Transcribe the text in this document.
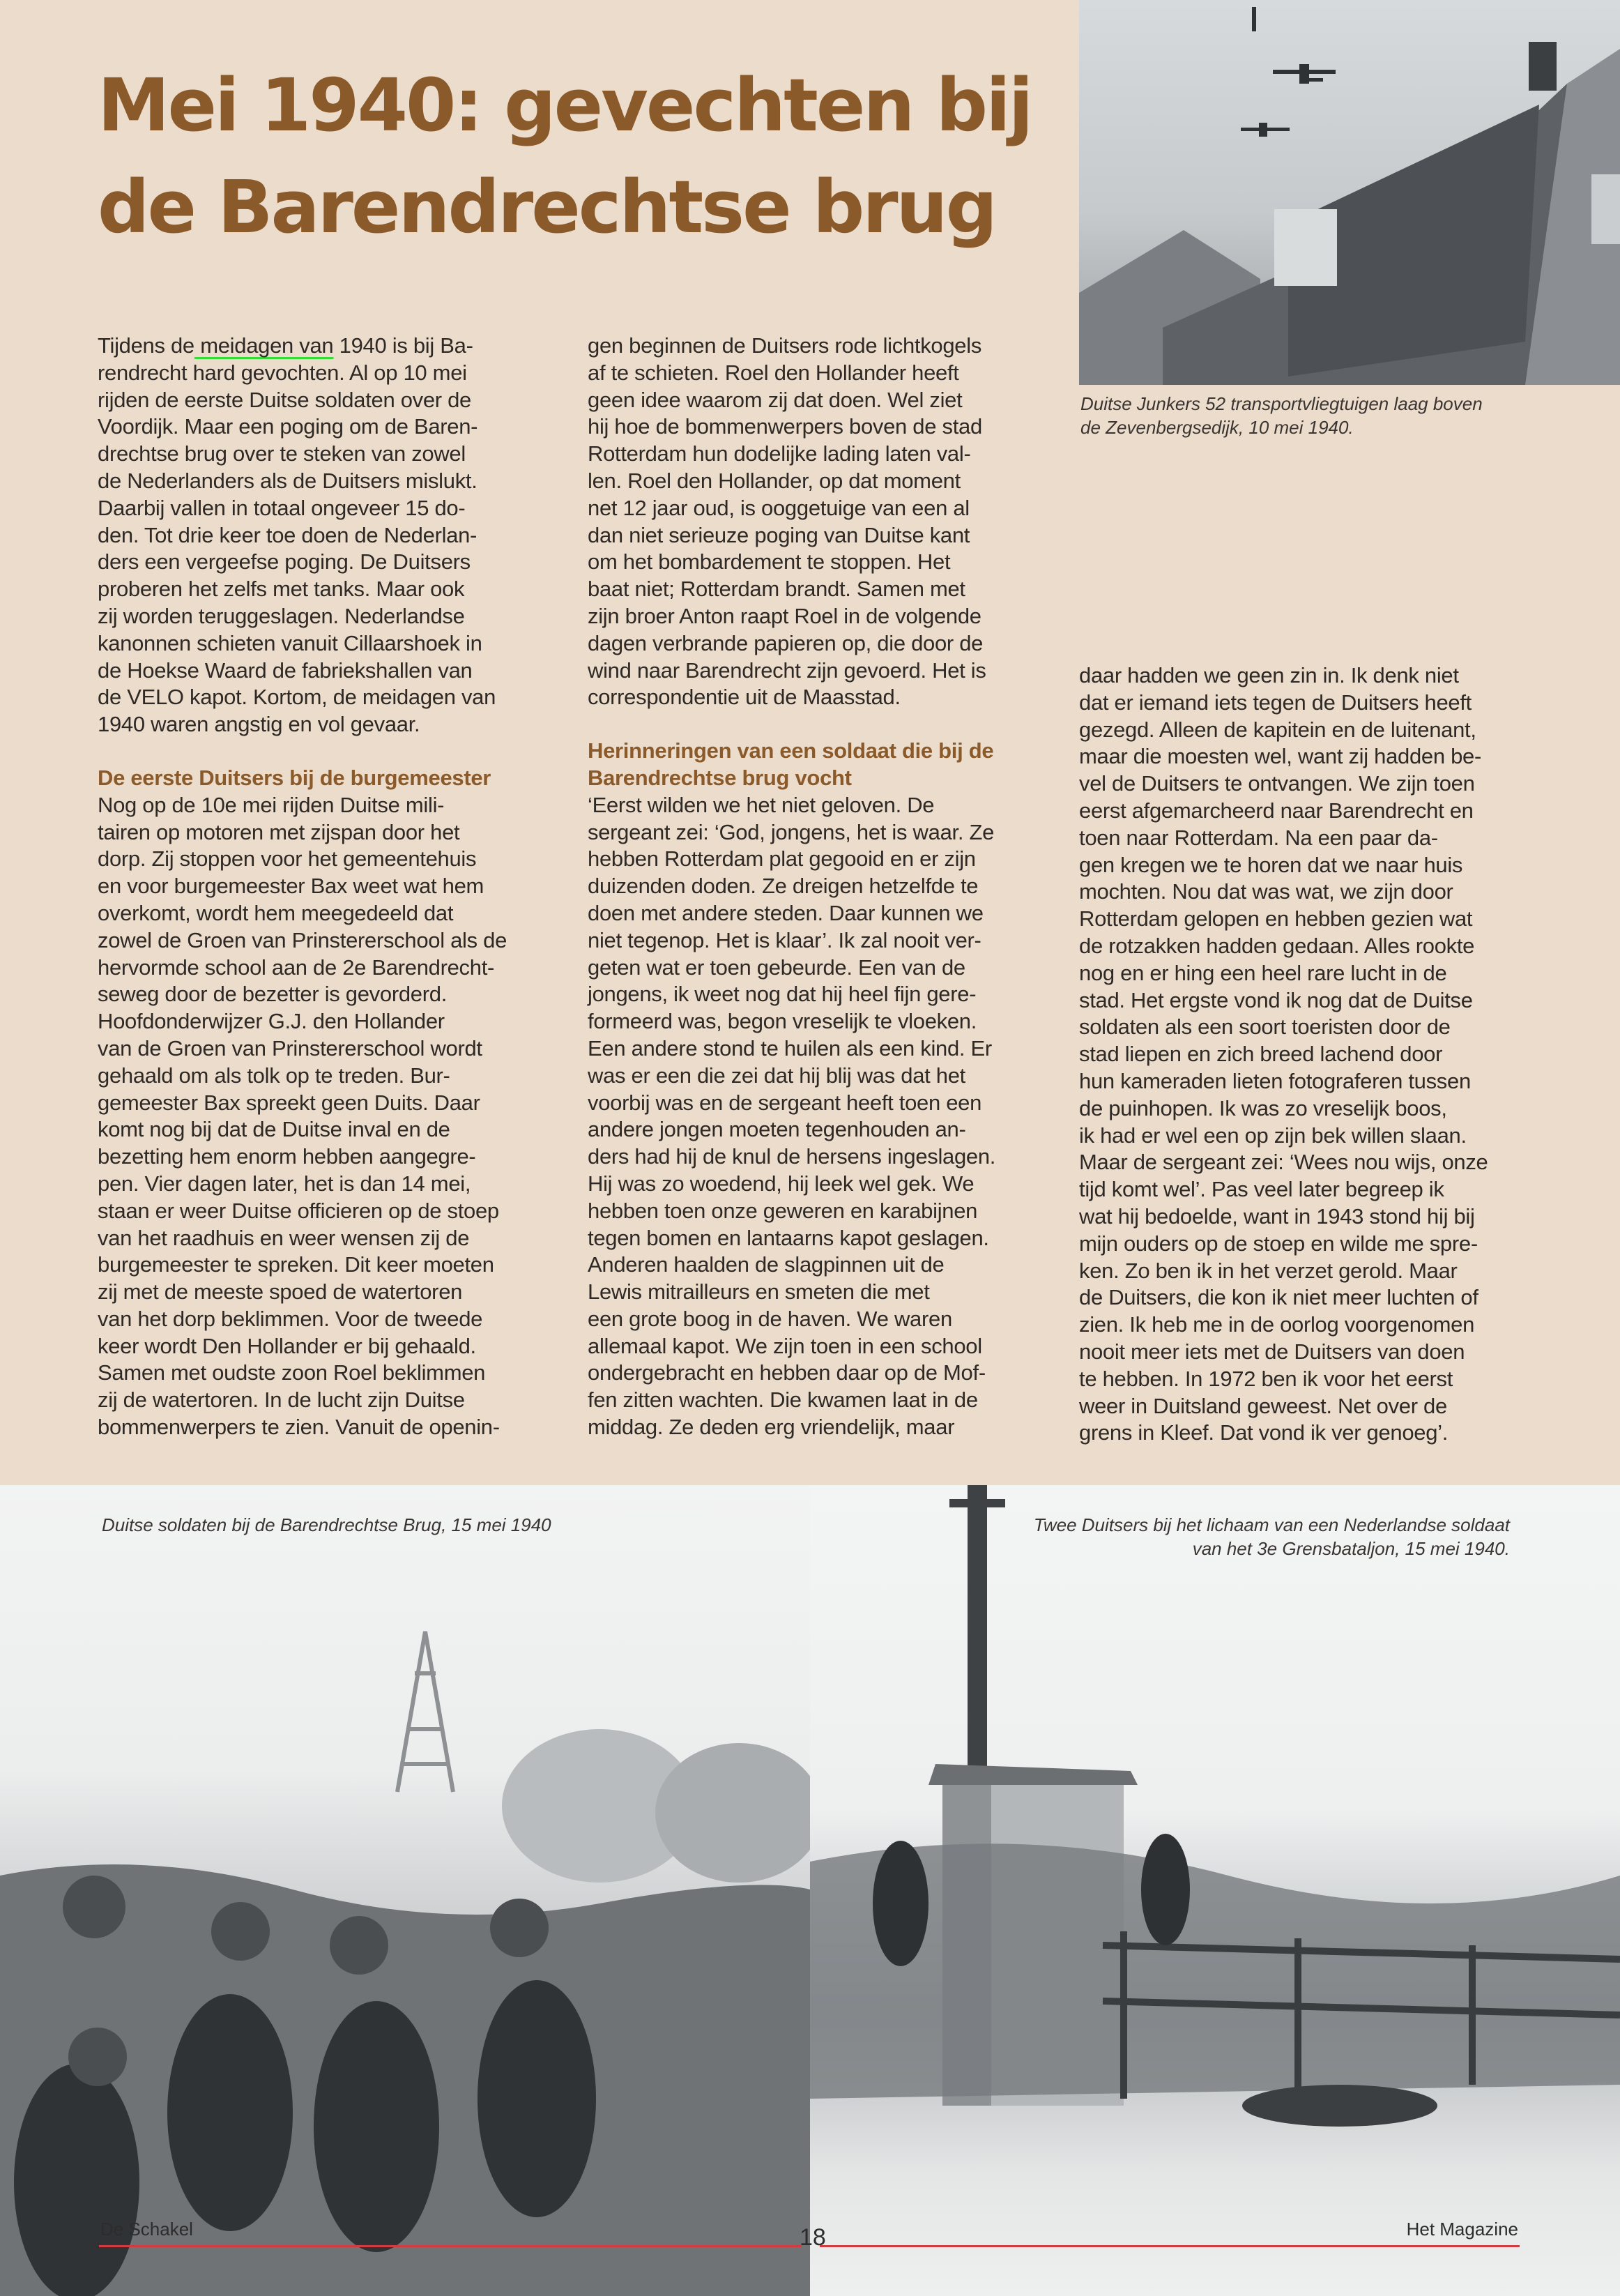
Mei 1940: gevechten bij
de Barendrechtse brug
Duitse Junkers 52 transportvliegtuigen laag boven
de Zevenbergsedijk, 10 mei 1940.

Tijdens de meidagen van 1940 is bij Ba-
rendrecht hard gevochten. Al op 10 mei
rijden de eerste Duitse soldaten over de
Voordijk. Maar een poging om de Baren-
drechtse brug over te steken van zowel
de Nederlanders als de Duitsers mislukt.
Daarbij vallen in totaal ongeveer 15 do-
den. Tot drie keer toe doen de Nederlan-
ders een vergeefse poging. De Duitsers
proberen het zelfs met tanks. Maar ook
zij worden teruggeslagen. Nederlandse
kanonnen schieten vanuit Cillaarshoek in
de Hoekse Waard de fabriekshallen van
de VELO kapot. Kortom, de meidagen van
1940 waren angstig en vol gevaar.

De eerste Duitsers bij de burgemeester

Nog op de 10e mei rijden Duitse mili-
tairen op motoren met zijspan door het
dorp. Zij stoppen voor het gemeentehuis
en voor burgemeester Bax weet wat hem
overkomt, wordt hem meegedeeld dat
zowel de Groen van Prinstererschool als de
hervormde school aan de 2e Barendrecht-
seweg door de bezetter is gevorderd.
Hoofdonderwijzer G.J. den Hollander
van de Groen van Prinstererschool wordt
gehaald om als tolk op te treden. Bur-
gemeester Bax spreekt geen Duits. Daar
komt nog bij dat de Duitse inval en de
bezetting hem enorm hebben aangegre-
pen. Vier dagen later, het is dan 14 mei,
staan er weer Duitse officieren op de stoep
van het raadhuis en weer wensen zij de
burgemeester te spreken. Dit keer moeten
zij met de meeste spoed de watertoren
van het dorp beklimmen. Voor de tweede
keer wordt Den Hollander er bij gehaald.
Samen met oudste zoon Roel beklimmen
zij de watertoren. In de lucht zijn Duitse
bommenwerpers te zien. Vanuit de openin-

gen beginnen de Duitsers rode lichtkogels
af te schieten. Roel den Hollander heeft
geen idee waarom zij dat doen. Wel ziet
hij hoe de bommenwerpers boven de stad
Rotterdam hun dodelijke lading laten val-
len. Roel den Hollander, op dat moment
net 12 jaar oud, is ooggetuige van een al
dan niet serieuze poging van Duitse kant
om het bombardement te stoppen. Het
baat niet; Rotterdam brandt. Samen met
zijn broer Anton raapt Roel in de volgende
dagen verbrande papieren op, die door de
wind naar Barendrecht zijn gevoerd. Het is
correspondentie uit de Maasstad.

Herinneringen van een soldaat die bij de
Barendrechtse brug vocht

‘Eerst wilden we het niet geloven. De
sergeant zei: ‘God, jongens, het is waar. Ze
hebben Rotterdam plat gegooid en er zijn
duizenden doden. Ze dreigen hetzelfde te
doen met andere steden. Daar kunnen we
niet tegenop. Het is klaar’. Ik zal nooit ver-
geten wat er toen gebeurde. Een van de
jongens, ik weet nog dat hij heel fijn gere-
formeerd was, begon vreselijk te vloeken.
Een andere stond te huilen als een kind. Er
was er een die zei dat hij blij was dat het
voorbij was en de sergeant heeft toen een
andere jongen moeten tegenhouden an-
ders had hij de knul de hersens ingeslagen.
Hij was zo woedend, hij leek wel gek. We
hebben toen onze geweren en karabijnen
tegen bomen en lantaarns kapot geslagen.
Anderen haalden de slagpinnen uit de
Lewis mitrailleurs en smeten die met
een grote boog in de haven. We waren
allemaal kapot. We zijn toen in een school
ondergebracht en hebben daar op de Mof-
fen zitten wachten. Die kwamen laat in de
middag. Ze deden erg vriendelijk, maar

daar hadden we geen zin in. Ik denk niet
dat er iemand iets tegen de Duitsers heeft
gezegd. Alleen de kapitein en de luitenant,
maar die moesten wel, want zij hadden be-
vel de Duitsers te ontvangen. We zijn toen
eerst afgemarcheerd naar Barendrecht en
toen naar Rotterdam. Na een paar da-
gen kregen we te horen dat we naar huis
mochten. Nou dat was wat, we zijn door
Rotterdam gelopen en hebben gezien wat
de rotzakken hadden gedaan. Alles rookte
nog en er hing een heel rare lucht in de
stad. Het ergste vond ik nog dat de Duitse
soldaten als een soort toeristen door de
stad liepen en zich breed lachend door
hun kameraden lieten fotograferen tussen
de puinhopen. Ik was zo vreselijk boos,
ik had er wel een op zijn bek willen slaan.
Maar de sergeant zei: ‘Wees nou wijs, onze
tijd komt wel’. Pas veel later begreep ik
wat hij bedoelde, want in 1943 stond hij bij
mijn ouders op de stoep en wilde me spre-
ken. Zo ben ik in het verzet gerold. Maar
de Duitsers, die kon ik niet meer luchten of
zien. Ik heb me in de oorlog voorgenomen
nooit meer iets met de Duitsers van doen
te hebben. In 1972 ben ik voor het eerst
weer in Duitsland geweest. Net over de
grens in Kleef. Dat vond ik ver genoeg’.

Duitse soldaten bij de Barendrechtse Brug, 15 mei 1940	Twee Duitsers bij het lichaam van een Nederlandse soldaat
van het 3e Grensbataljon, 15 mei 1940.
De Schakel	18	Het Magazine
